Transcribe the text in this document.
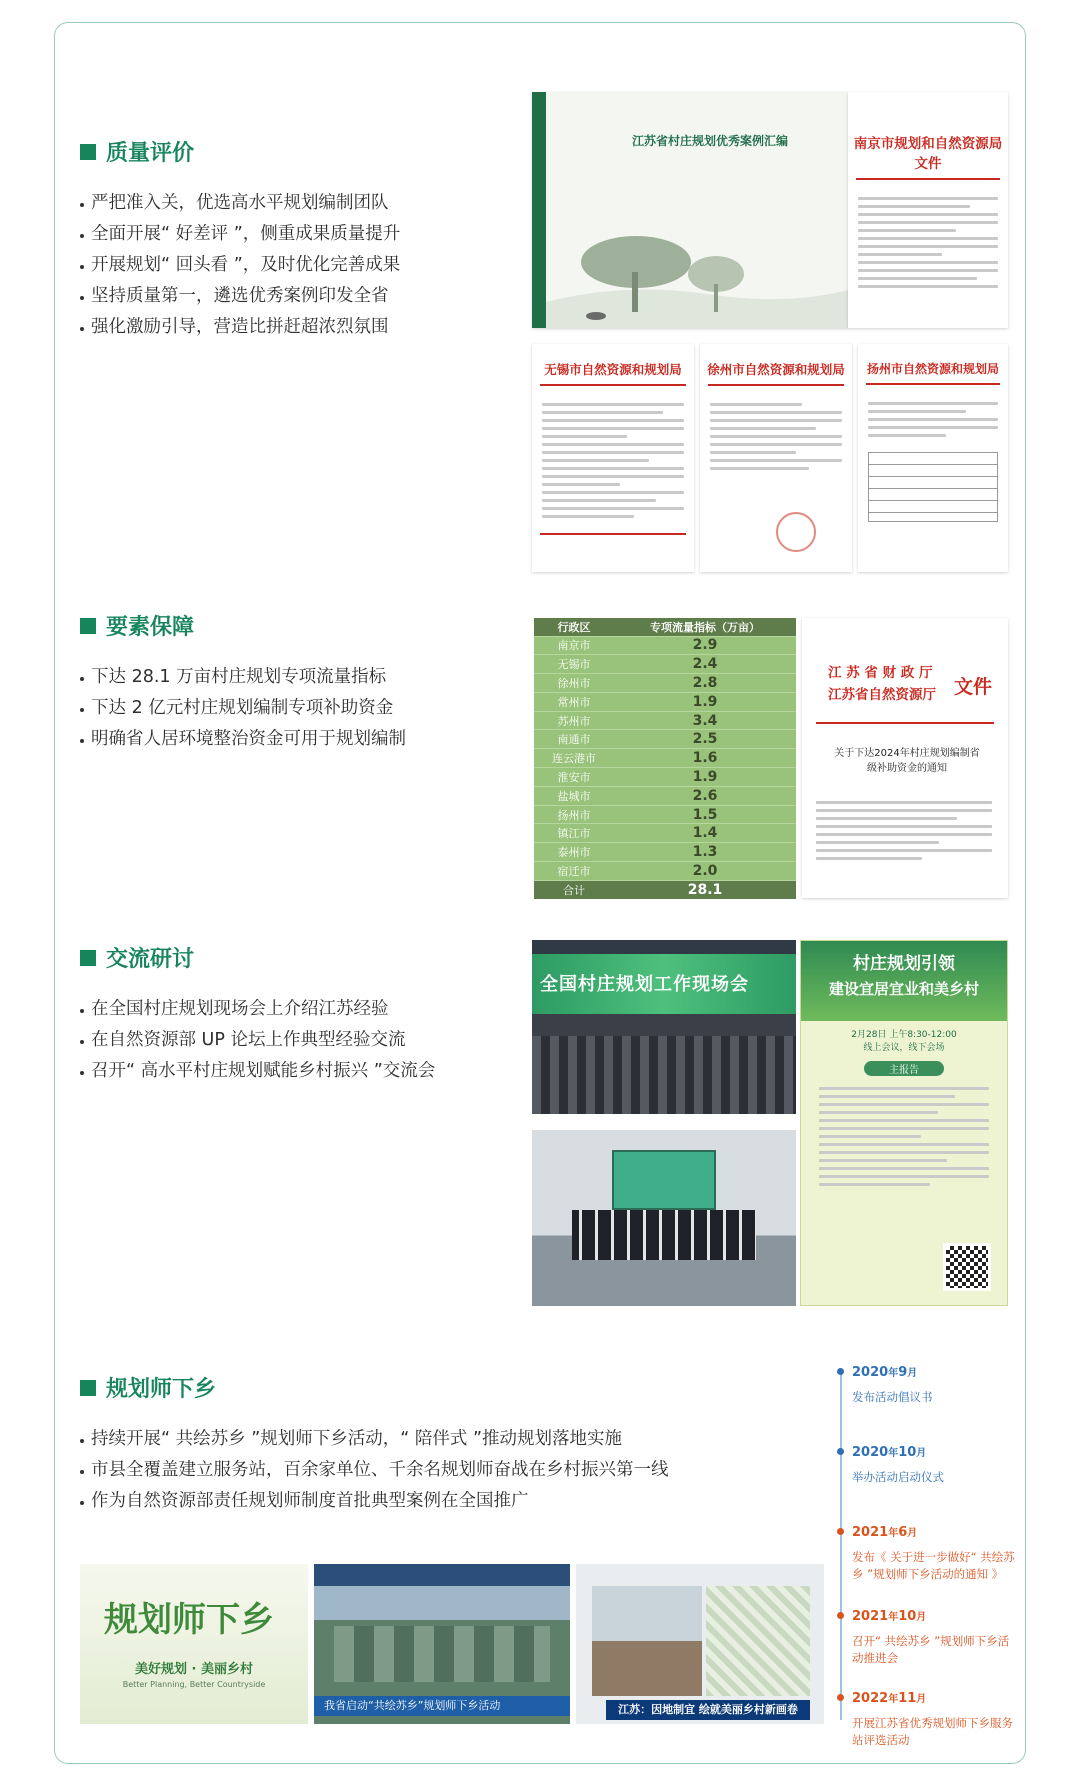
质量评价
严把准入关，优选高水平规划编制团队
全面开展“ 好差评 ”，侧重成果质量提升
开展规划“ 回头看 ”，及时优化完善成果
坚持质量第一，遴选优秀案例印发全省
强化激励引导，营造比拼赶超浓烈氛围
江苏省村庄规划优秀案例汇编	南京市规划和自然资源局文件
无锡市自然资源和规划局	徐州市自然资源和规划局	扬州市自然资源和规划局
要素保障
下达 28.1 万亩村庄规划专项流量指标
下达 2 亿元村庄规划编制专项补助资金
明确省人居环境整治资金可用于规划编制
行政区	专项流量指标（万亩）
南京市	2.9
无锡市	2.4
徐州市	2.8
常州市	1.9
苏州市	3.4
南通市	2.5
连云港市	1.6
淮安市	1.9
盐城市	2.6
扬州市	1.5
镇江市	1.4
泰州市	1.3
宿迁市	2.0
合计	28.1
江 苏 省 财 政 厅
江苏省自然资源厅 文件
关于下达2024年村庄规划编制省级补助资金的通知
交流研讨
在全国村庄规划现场会上介绍江苏经验
在自然资源部 UP 论坛上作典型经验交流
召开“ 高水平村庄规划赋能乡村振兴 ”交流会
全国村庄规划工作现场会
村庄规划引领
建设宜居宜业和美乡村
2月28日 上午8:30-12:00
线上会议，线下会场
主报告
规划师下乡
持续开展“ 共绘苏乡 ”规划师下乡活动，“ 陪伴式 ”推动规划落地实施
市县全覆盖建立服务站，百余家单位、千余名规划师奋战在乡村振兴第一线
作为自然资源部责任规划师制度首批典型案例在全国推广
2020年9月
发布活动倡议书
2020年10月
举办活动启动仪式
2021年6月
发布《 关于进一步做好“ 共绘苏乡 ”规划师下乡活动的通知 》
2021年10月
召开“ 共绘苏乡 ”规划师下乡活动推进会
2022年11月
开展江苏省优秀规划师下乡服务站评选活动
规划师下乡
美好规划 · 美丽乡村
Better Planning, Better Countryside
我省启动“共绘苏乡”规划师下乡活动	江苏：因地制宜 绘就美丽乡村新画卷
